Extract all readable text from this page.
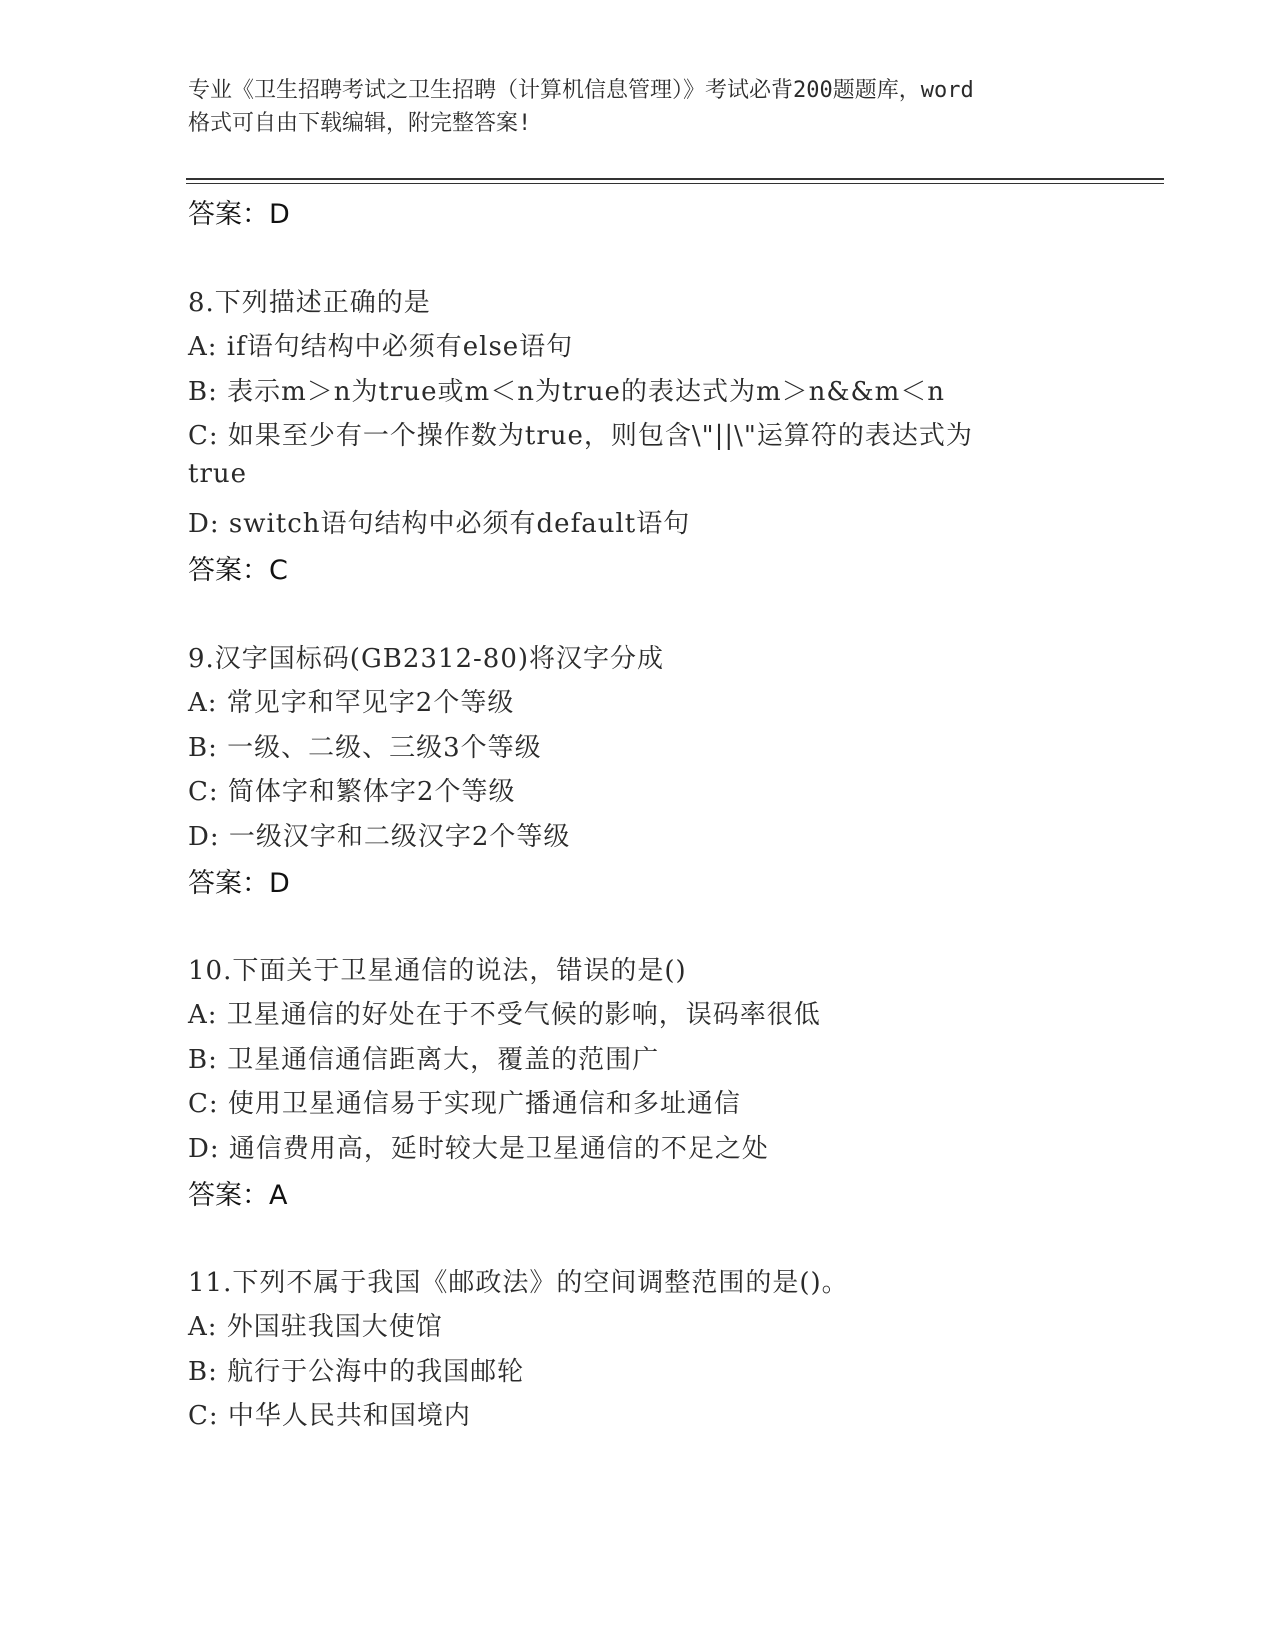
专业《卫生招聘考试之卫生招聘（计算机信息管理）》考试必背200题题库，word
格式可自由下载编辑，附完整答案!
答案：D
8.下列描述正确的是
A: if语句结构中必须有else语句
B: 表示m＞n为true或m＜n为true的表达式为m＞n&&m＜n
C: 如果至少有一个操作数为true，则包含\"||\"运算符的表达式为
true
D: switch语句结构中必须有default语句
答案：C
9.汉字国标码(GB2312-80)将汉字分成
A: 常见字和罕见字2个等级
B: 一级、二级、三级3个等级
C: 简体字和繁体字2个等级
D: 一级汉字和二级汉字2个等级
答案：D
10.下面关于卫星通信的说法，错误的是()
A: 卫星通信的好处在于不受气候的影响，误码率很低
B: 卫星通信通信距离大，覆盖的范围广
C: 使用卫星通信易于实现广播通信和多址通信
D: 通信费用高，延时较大是卫星通信的不足之处
答案：A
11.下列不属于我国《邮政法》的空间调整范围的是()。
A: 外国驻我国大使馆
B: 航行于公海中的我国邮轮
C: 中华人民共和国境内
